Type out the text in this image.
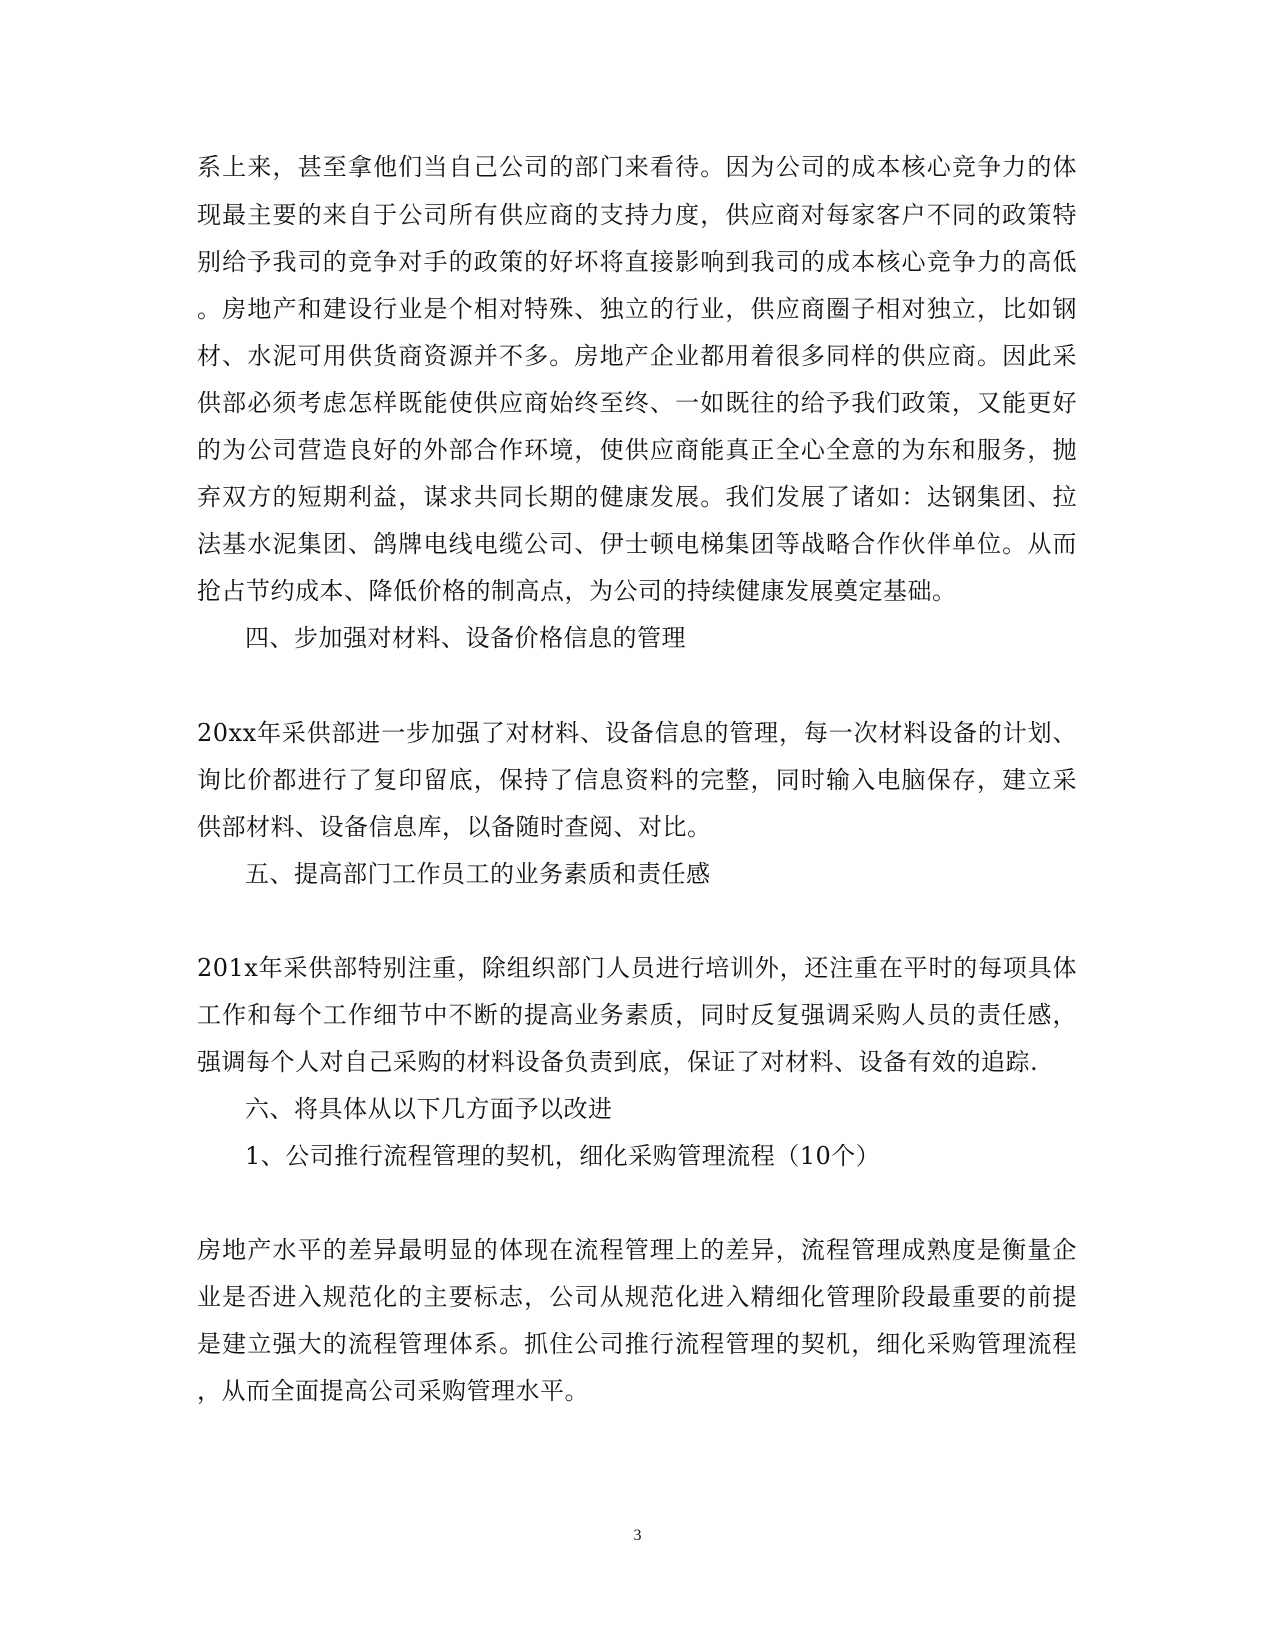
系上来，甚至拿他们当自己公司的部门来看待。因为公司的成本核心竞争力的体
现最主要的来自于公司所有供应商的支持力度，供应商对每家客户不同的政策特
别给予我司的竞争对手的政策的好坏将直接影响到我司的成本核心竞争力的高低
。房地产和建设行业是个相对特殊、独立的行业，供应商圈子相对独立，比如钢
材、水泥可用供货商资源并不多。房地产企业都用着很多同样的供应商。因此采
供部必须考虑怎样既能使供应商始终至终、一如既往的给予我们政策，又能更好
的为公司营造良好的外部合作环境，使供应商能真正全心全意的为东和服务，抛
弃双方的短期利益，谋求共同长期的健康发展。我们发展了诸如：达钢集团、拉
法基水泥集团、鸽牌电线电缆公司、伊士顿电梯集团等战略合作伙伴单位。从而
抢占节约成本、降低价格的制高点，为公司的持续健康发展奠定基础。
四、步加强对材料、设备价格信息的管理
20xx年采供部进一步加强了对材料、设备信息的管理，每一次材料设备的计划、
询比价都进行了复印留底，保持了信息资料的完整，同时输入电脑保存，建立采
供部材料、设备信息库，以备随时查阅、对比。
五、提高部门工作员工的业务素质和责任感
201x年采供部特别注重，除组织部门人员进行培训外，还注重在平时的每项具体
工作和每个工作细节中不断的提高业务素质，同时反复强调采购人员的责任感，
强调每个人对自己采购的材料设备负责到底，保证了对材料、设备有效的追踪.
六、将具体从以下几方面予以改进
1、公司推行流程管理的契机，细化采购管理流程（10个）
房地产水平的差异最明显的体现在流程管理上的差异，流程管理成熟度是衡量企
业是否进入规范化的主要标志，公司从规范化进入精细化管理阶段最重要的前提
是建立强大的流程管理体系。抓住公司推行流程管理的契机，细化采购管理流程
，从而全面提高公司采购管理水平。
3
